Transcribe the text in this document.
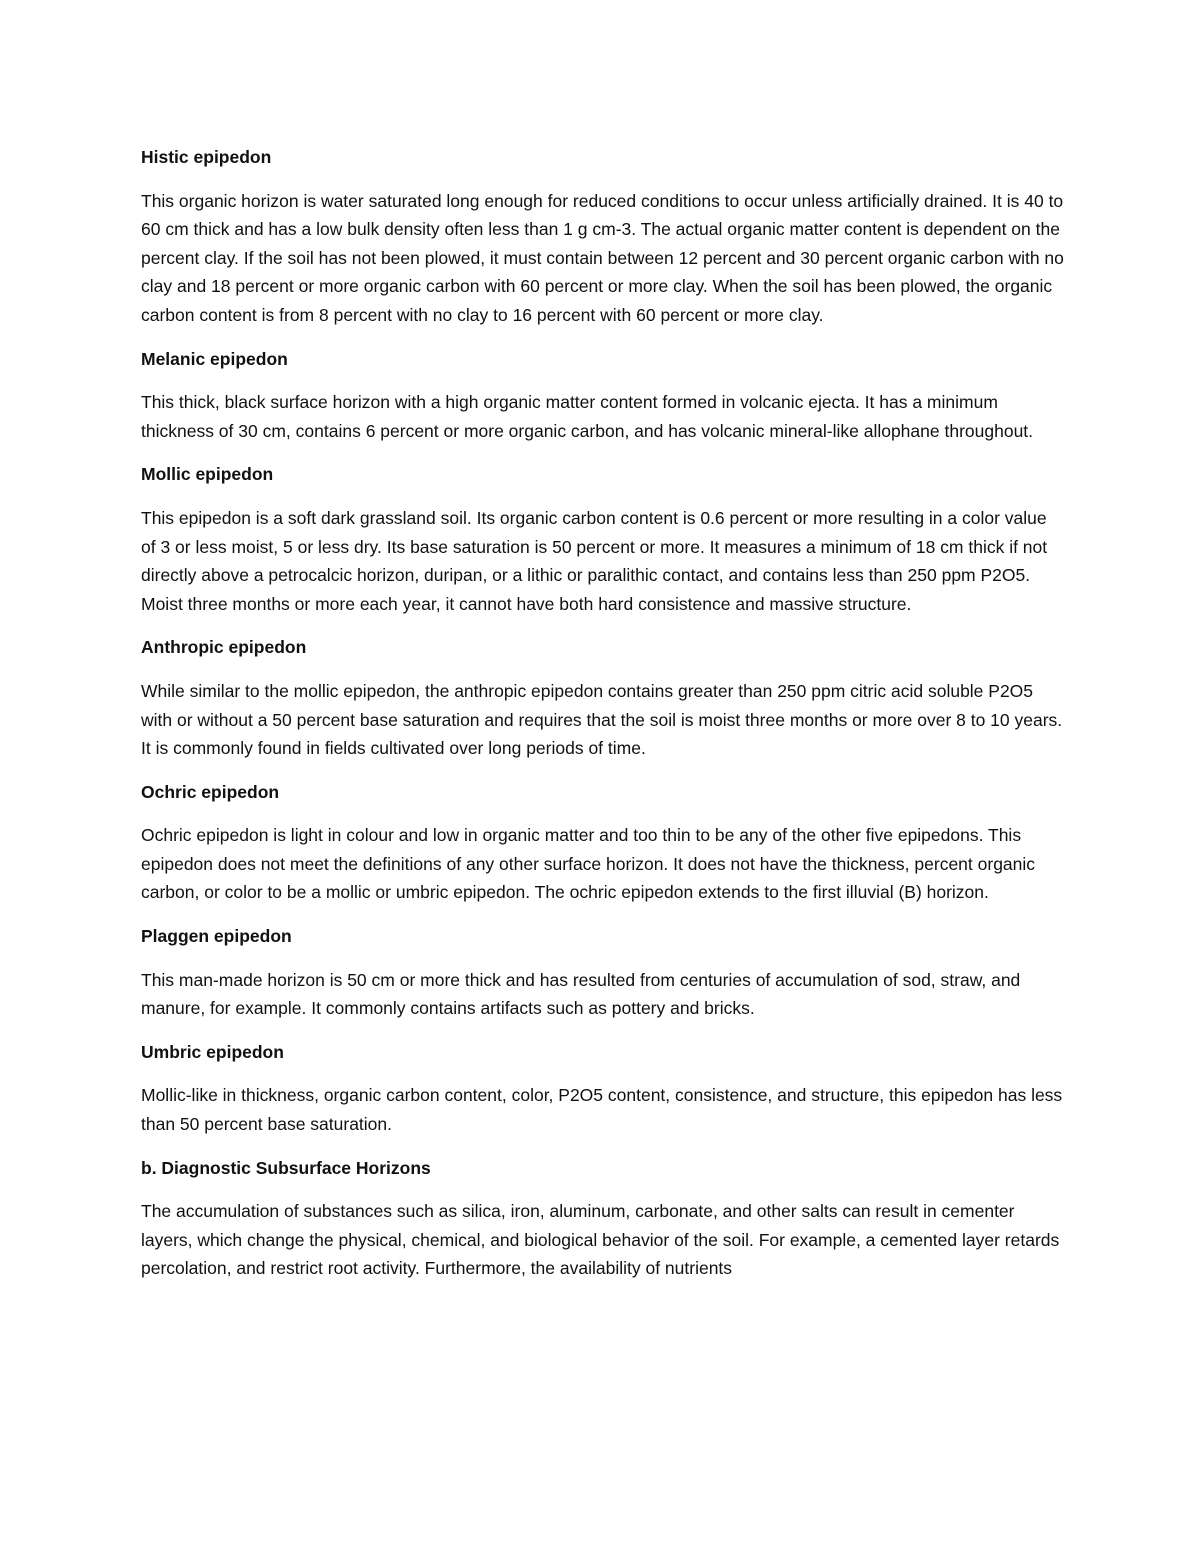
Histic epipedon

This organic horizon is water saturated long enough for reduced conditions to occur unless artificially drained. It is 40 to 60 cm thick and has a low bulk density often less than 1 g cm-3. The actual organic matter content is dependent on the percent clay. If the soil has not been plowed, it must contain between 12 percent and 30 percent organic carbon with no clay and 18 percent or more organic carbon with 60 percent or more clay. When the soil has been plowed, the organic carbon content is from 8 percent with no clay to 16 percent with 60 percent or more clay.

Melanic epipedon

This thick, black surface horizon with a high organic matter content formed in volcanic ejecta. It has a minimum thickness of 30 cm, contains 6 percent or more organic carbon, and has volcanic mineral-like allophane throughout.

Mollic epipedon

This epipedon is a soft dark grassland soil. Its organic carbon content is 0.6 percent or more resulting in a color value of 3 or less moist, 5 or less dry. Its base saturation is 50 percent or more. It measures a minimum of 18 cm thick if not directly above a petrocalcic horizon, duripan, or a lithic or paralithic contact, and contains less than 250 ppm P2O5. Moist three months or more each year, it cannot have both hard consistence and massive structure.

Anthropic epipedon

While similar to the mollic epipedon, the anthropic epipedon contains greater than 250 ppm citric acid soluble P2O5 with or without a 50 percent base saturation and requires that the soil is moist three months or more over 8 to 10 years. It is commonly found in fields cultivated over long periods of time.

Ochric epipedon

Ochric epipedon is light in colour and low in organic matter and too thin to be any of the other five epipedons. This epipedon does not meet the definitions of any other surface horizon. It does not have the thickness, percent organic carbon, or color to be a mollic or umbric epipedon. The ochric epipedon extends to the first illuvial (B) horizon.

Plaggen epipedon

This man-made horizon is 50 cm or more thick and has resulted from centuries of accumulation of sod, straw, and manure, for example. It commonly contains artifacts such as pottery and bricks.

Umbric epipedon

Mollic-like in thickness, organic carbon content, color, P2O5 content, consistence, and structure, this epipedon has less than 50 percent base saturation.

b. Diagnostic Subsurface Horizons

The accumulation of substances such as silica, iron, aluminum, carbonate, and other salts can result in cementer layers, which change the physical, chemical, and biological behavior of the soil. For example, a cemented layer retards percolation, and restrict root activity. Furthermore, the availability of nutrients
